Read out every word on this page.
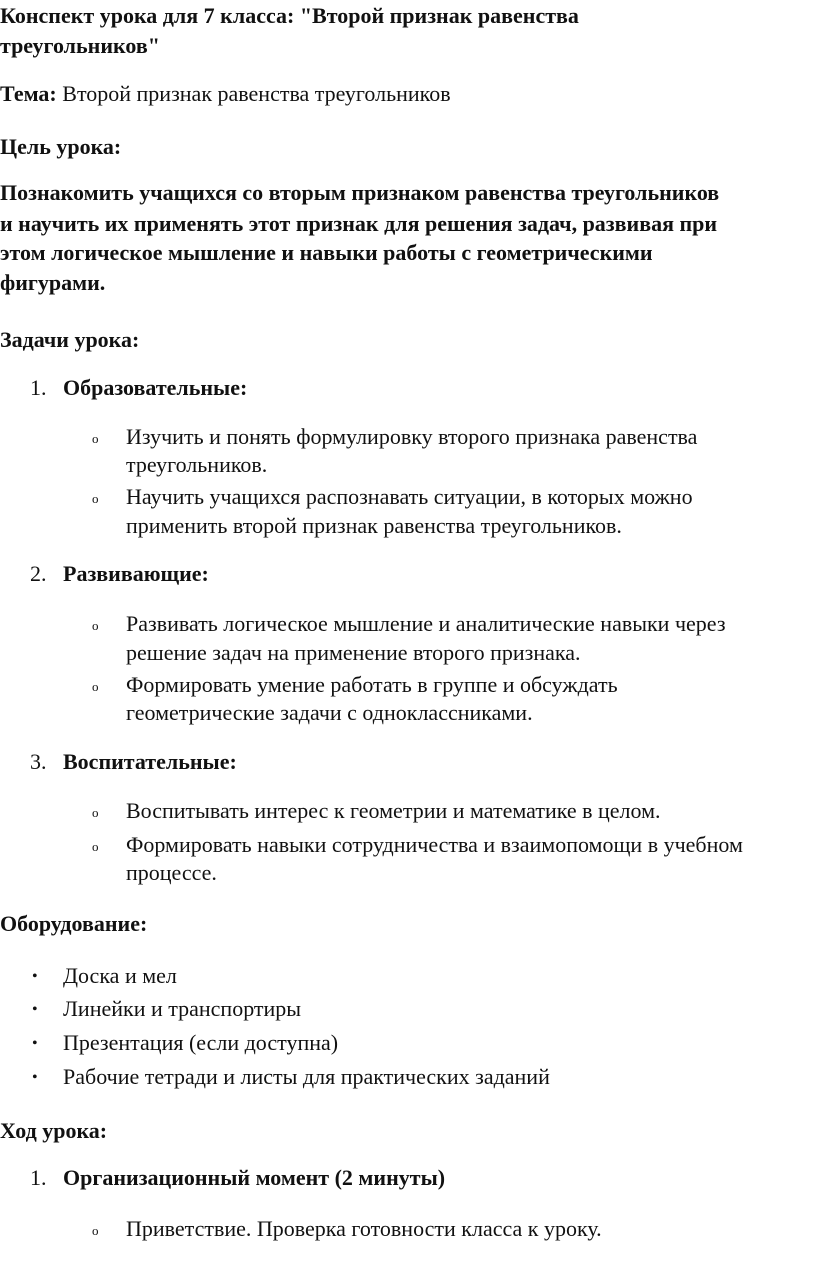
Конспект урока для 7 класса: "Второй признак равенства
треугольников"
Тема: Второй признак равенства треугольников
Цель урока:
Познакомить учащихся со вторым признаком равенства треугольников
и научить их применять этот признак для решения задач, развивая при
этом логическое мышление и навыки работы с геометрическими
фигурами.
Задачи урока:
1. Образовательные:
o Изучить и понять формулировку второго признака равенства
треугольников.
o Научить учащихся распознавать ситуации, в которых можно
применить второй признак равенства треугольников.
2. Развивающие:
o Развивать логическое мышление и аналитические навыки через
решение задач на применение второго признака.
o Формировать умение работать в группе и обсуждать
геометрические задачи с одноклассниками.
3. Воспитательные:
o Воспитывать интерес к геометрии и математике в целом.
o Формировать навыки сотрудничества и взаимопомощи в учебном
процессе.
Оборудование:
• Доска и мел
• Линейки и транспортиры
• Презентация (если доступна)
• Рабочие тетради и листы для практических заданий
Ход урока:
1. Организационный момент (2 минуты)
o Приветствие. Проверка готовности класса к уроку.
